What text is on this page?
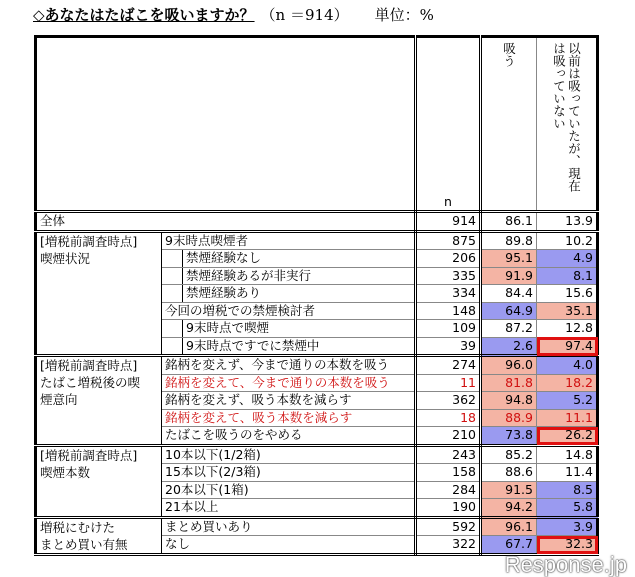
◇あなたはたばこを吸いますか？ （n ＝914） 単位：%
		n	吸う	以前は吸っていたが、現在は吸っていない

全体		914	86.1	13.9
[増税前調査時点]
喫煙状況	9末時点喫煙者	875	89.8	10.2

	禁煙経験なし	206	95.1	4.9

	禁煙経験あるが非実行	335	91.9	8.1

	禁煙経験あり	334	84.4	15.6

	今回の増税での禁煙検討者	148	64.9	35.1

	9末時点で喫煙	109	87.2	12.8

	9末時点ですでに禁煙中	39	2.6	97.4
[増税前調査時点]
たばこ増税後の喫
煙意向	銘柄を変えず、今まで通りの本数を吸う	274	96.0	4.0

	銘柄を変えて、今まで通りの本数を吸う	11	81.8	18.2

	銘柄を変えず、吸う本数を減らす	362	94.8	5.2

	銘柄を変えて、吸う本数を減らす	18	88.9	11.1

	たばこを吸うのをやめる	210	73.8	26.2
[増税前調査時点]
喫煙本数	10本以下(1/2箱)	243	85.2	14.8

	15本以下(2/3箱)	158	88.6	11.4

	20本以下(1箱)	284	91.5	8.5

	21本以上	190	94.2	5.8
増税にむけた
まとめ買い有無	まとめ買いあり	592	96.1	3.9

	なし	322	67.7	32.3
Response.jp
